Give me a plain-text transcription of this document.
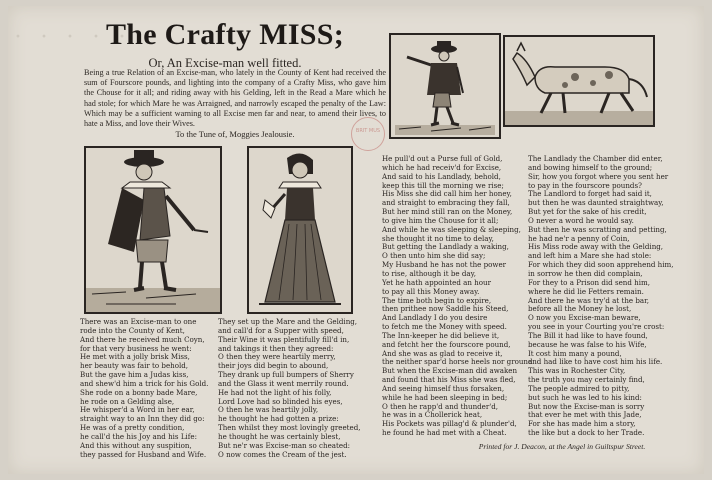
· · · · ·
The Crafty MISS;
Or, An Excise-man well fitted.
Being a true Relation of an Excise-man, who lately in the County of Kent had received the sum of Fourscore pounds, and lighting into the company of a Crafty Miss, who gave him the Chouse for it all; and riding away with his Gelding, left in the Read a Mare which he had stole; for which Mare he was Arraigned, and narrowly escaped the penalty of the Law: Which may be a sufficient warning to all Excise men far and near, to amend their lives, to hate a Miss, and love their Wives.
To the Tune of, Moggies Jealousie.	BRIT MUS
There was an Excise-man to one
rode into the County of Kent,
And there he received much Coyn,
for that very business he went:
He met with a jolly brisk Miss,
her beauty was fair to behold,
But the gave him a Judas kiss,
and shew'd him a trick for his Gold.
She rode on a bonny bade Mare,
he rode on a Gelding alse,
He whisper'd a Word in her ear,
straight way to an Inn they did go:
He was of a pretty condition,
he call'd the his Joy and his Life:
And this without any suspition,
they passed for Husband and Wife.
They set up the Mare and the Gelding,
and call'd for a Supper with speed,
Their Wine it was plentifully fill'd in,
and takings it then they agreed:
O then they were heartily merry,
their joys did begin to abound,
They drank up full bumpers of Sherry
and the Glass it went merrily round.
He had not the light of his folly,
Lord Love had so blinded his eyes,
O then he was heartily jolly,
he thought he had gotten a prize:
Then whilst they most lovingly greeted,
he thought he was certainly blest,
But ne'r was Excise-man so cheated:
O now comes the Cream of the jest.
He pull'd out a Purse full of Gold,
which he had receiv'd for Excise,
And said to his Landlady, behold,
keep this till the morning we rise;
His Miss she did call him her honey,
and straight to embracing they fall,
But her mind still ran on the Money,
to give him the Chouse for it all;
And while he was sleeping & sleeping,
she thought it no time to delay,
But getting the Landlady a waking,
O then unto him she did say;
My Husband he has not the power
to rise, although it be day,
Yet he hath appointed an hour
to pay all this Money away.
The time both begin to expire,
then prithee now Saddle his Steed,
And Landlady I do you desire
to fetch me the Money with speed.
The Inn-keeper he did believe it,
and fetcht her the fourscore pound,
And she was as glad to receive it,
the neither spar'd horse heels nor ground
But when the Excise-man did awaken
and found that his Miss she was fled,
And seeing himself thus forsaken,
while he had been sleeping in bed;
O then he rapp'd and thunder'd,
he was in a Chollerick heat,
His Pockets was pillag'd & plunder'd,
he found he had met with a Cheat.
The Landlady the Chamber did enter,
and bowing himself to the ground;
Sir, how you forgot where you sent her
to pay in the fourscore pounds?
The Landlord to forget had said it,
but then he was daunted straightway,
But yet for the sake of his credit,
O never a word he would say.
But then he was scratting and petting,
he had ne'r a penny of Coin,
His Miss rode away with the Gelding,
and left him a Mare she had stole:
For which they did soon apprehend him,
in sorrow he then did complain,
For they to a Prison did send him,
where he did lie Fetters remain.
And there he was try'd at the bar,
before all the Money he lost,
O now you Excise-man beware,
you see in your Courting you're crost:
The Bill it had like to have found,
because he was false to his Wife,
It cost him many a pound,
and had like to have cost him his life.
This was in Rochester City,
the truth you may certainly find,
The people admired to pitty,
but such he was led to his kind:
But now the Excise-man is sorry
that ever he met with this Jade,
For she has made him a story,
the like but a dock to her Trade.
Printed for J. Deacon, at the Angel in Guiltspur Street.
